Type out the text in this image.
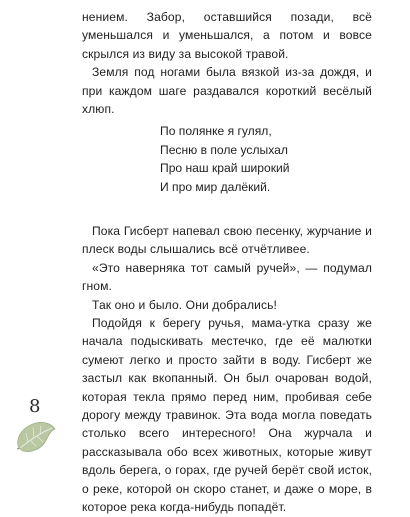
нением. Забор, оставшийся позади, всё уменьшался и уменьшался, а потом и вовсе скрылся из виду за высокой травой.

Земля под ногами была вязкой из-за дождя, и при каждом шаге раздавался короткий весёлый хлюп.

По полянке я гулял,
Песню в поле услыхал
Про наш край широкий
И про мир далёкий.

Пока Гисберт напевал свою песенку, журчание и плеск воды слышались всё отчётливее.

«Это наверняка тот самый ручей», — подумал гном.

Так оно и было. Они добрались!

Подойдя к берегу ручья, мама-утка сразу же начала подыскивать местечко, где её малютки сумеют легко и просто зайти в воду. Гисберт же застыл как вкопанный. Он был очарован водой, которая текла прямо перед ним, пробивая себе дорогу между травинок. Эта вода могла поведать столько всего интересного! Она журчала и рассказывала обо всех животных, которые живут вдоль берега, о горах, где ручей берёт свой исток, о реке, которой он скоро станет, и даже о море, в которое река когда-нибудь попадёт.

8
